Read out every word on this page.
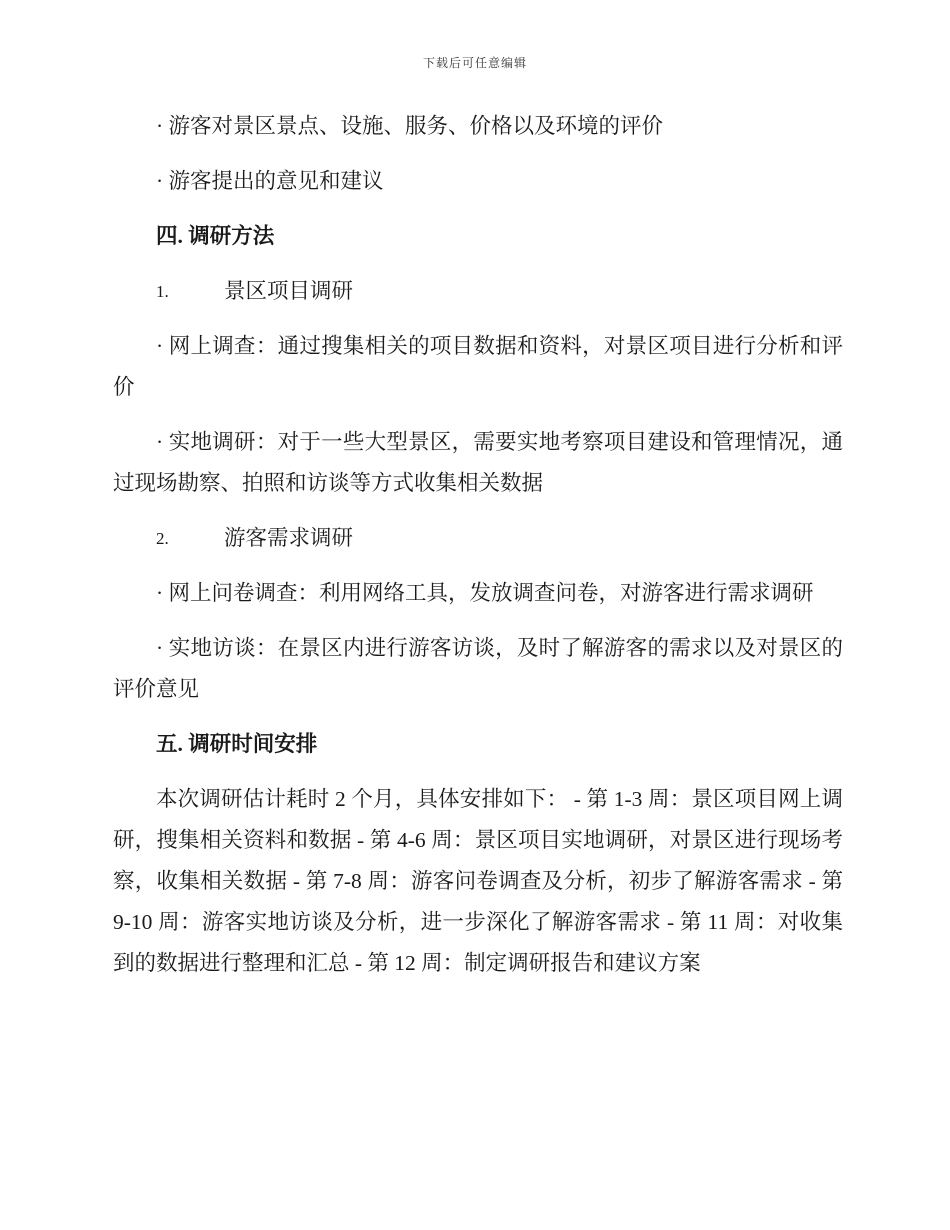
下载后可任意编辑

· 游客对景区景点、设施、服务、价格以及环境的评价

· 游客提出的意见和建议

四. 调研方法

1.	景区项目调研

· 网上调查：通过搜集相关的项目数据和资料，对景区项目进行分析和评价

· 实地调研：对于一些大型景区，需要实地考察项目建设和管理情况，通过现场勘察、拍照和访谈等方式收集相关数据

2.	游客需求调研

· 网上问卷调查：利用网络工具，发放调查问卷，对游客进行需求调研

· 实地访谈：在景区内进行游客访谈，及时了解游客的需求以及对景区的评价意见

五. 调研时间安排

本次调研估计耗时 2 个月，具体安排如下： - 第 1-3 周：景区项目网上调研，搜集相关资料和数据 - 第 4-6 周：景区项目实地调研，对景区进行现场考察，收集相关数据 - 第 7-8 周：游客问卷调查及分析，初步了解游客需求 - 第 9-10 周：游客实地访谈及分析，进一步深化了解游客需求 - 第 11 周：对收集到的数据进行整理和汇总 - 第 12 周：制定调研报告和建议方案
